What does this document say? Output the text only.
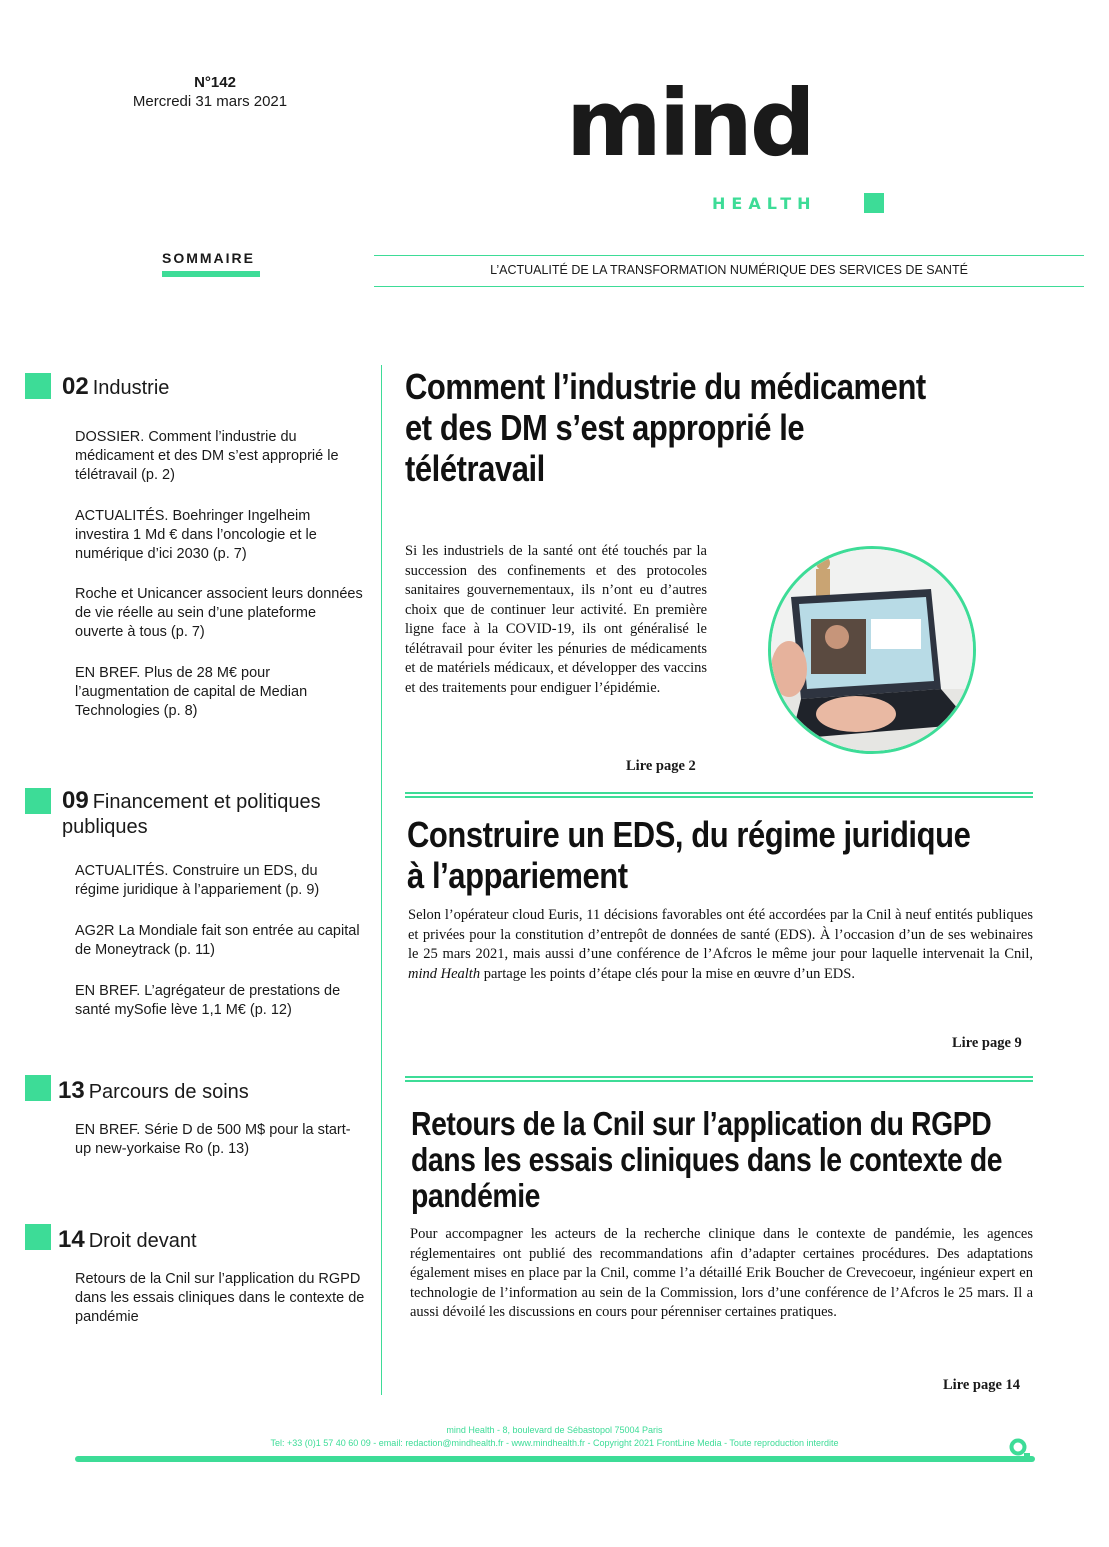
N°142
Mercredi 31 mars 2021	mind
HEALTH
SOMMAIRE
L’ACTUALITÉ DE LA TRANSFORMATION NUMÉRIQUE DES SERVICES DE SANTÉ
02 Industrie
DOSSIER. Comment l’industrie du médicament et des DM s’est approprié le télétravail (p. 2)
ACTUALITÉS. Boehringer Ingelheim investira 1 Md € dans l’oncologie et le numérique d’ici 2030 (p. 7)
Roche et Unicancer associent leurs données de vie réelle au sein d’une plateforme ouverte à tous (p. 7)
EN BREF. Plus de 28 M€ pour l’augmentation de capital de Median Technologies (p. 8)
09 Financement et politiques publiques
ACTUALITÉS. Construire un EDS, du régime juridique à l’appariement (p. 9)
AG2R La Mondiale fait son entrée au capital de Moneytrack (p. 11)
EN BREF. L’agrégateur de prestations de santé mySofie lève 1,1 M€ (p. 12)
13 Parcours de soins
EN BREF. Série D de 500 M$ pour la start-up new-yorkaise Ro (p. 13)
14 Droit devant
Retours de la Cnil sur l’application du RGPD dans les essais cliniques dans le contexte de pandémie
Comment l’industrie du médicament et des DM s’est approprié le télétravail
Si les industriels de la santé ont été touchés par la succession des confinements et des protocoles sanitaires gouvernementaux, ils n’ont eu d’autres choix que de continuer leur activité. En première ligne face à la COVID-19, ils ont généralisé le télétravail pour éviter les pénuries de médicaments et de matériels médicaux, et développer des vaccins et des traitements pour endiguer l’épidémie.
Lire page 2
Construire un EDS, du régime juridique à l’appariement
Selon l’opérateur cloud Euris, 11 décisions favorables ont été accordées par la Cnil à neuf entités publiques et privées pour la constitution d’entrepôt de données de santé (EDS). À l’occasion d’un de ses webinaires le 25 mars 2021, mais aussi d’une conférence de l’Afcros le même jour pour laquelle intervenait la Cnil, mind Health partage les points d’étape clés pour la mise en œuvre d’un EDS.
Lire page 9
Retours de la Cnil sur l’application du RGPD dans les essais cliniques dans le contexte de pandémie
Pour accompagner les acteurs de la recherche clinique dans le contexte de pandémie, les agences réglementaires ont publié des recommandations afin d’adapter certaines procédures. Des adaptations également mises en place par la Cnil, comme l’a détaillé Erik Boucher de Crevecoeur, ingénieur expert en technologie de l’information au sein de la Commission, lors d’une conférence de l’Afcros le 25 mars. Il a aussi dévoilé les discussions en cours pour pérenniser certaines pratiques.
Lire page 14
mind Health - 8, boulevard de Sébastopol 75004 Paris
Tel: +33 (0)1 57 40 60 09 - email: redaction@mindhealth.fr - www.mindhealth.fr - Copyright 2021 FrontLine Media - Toute reproduction interdite
